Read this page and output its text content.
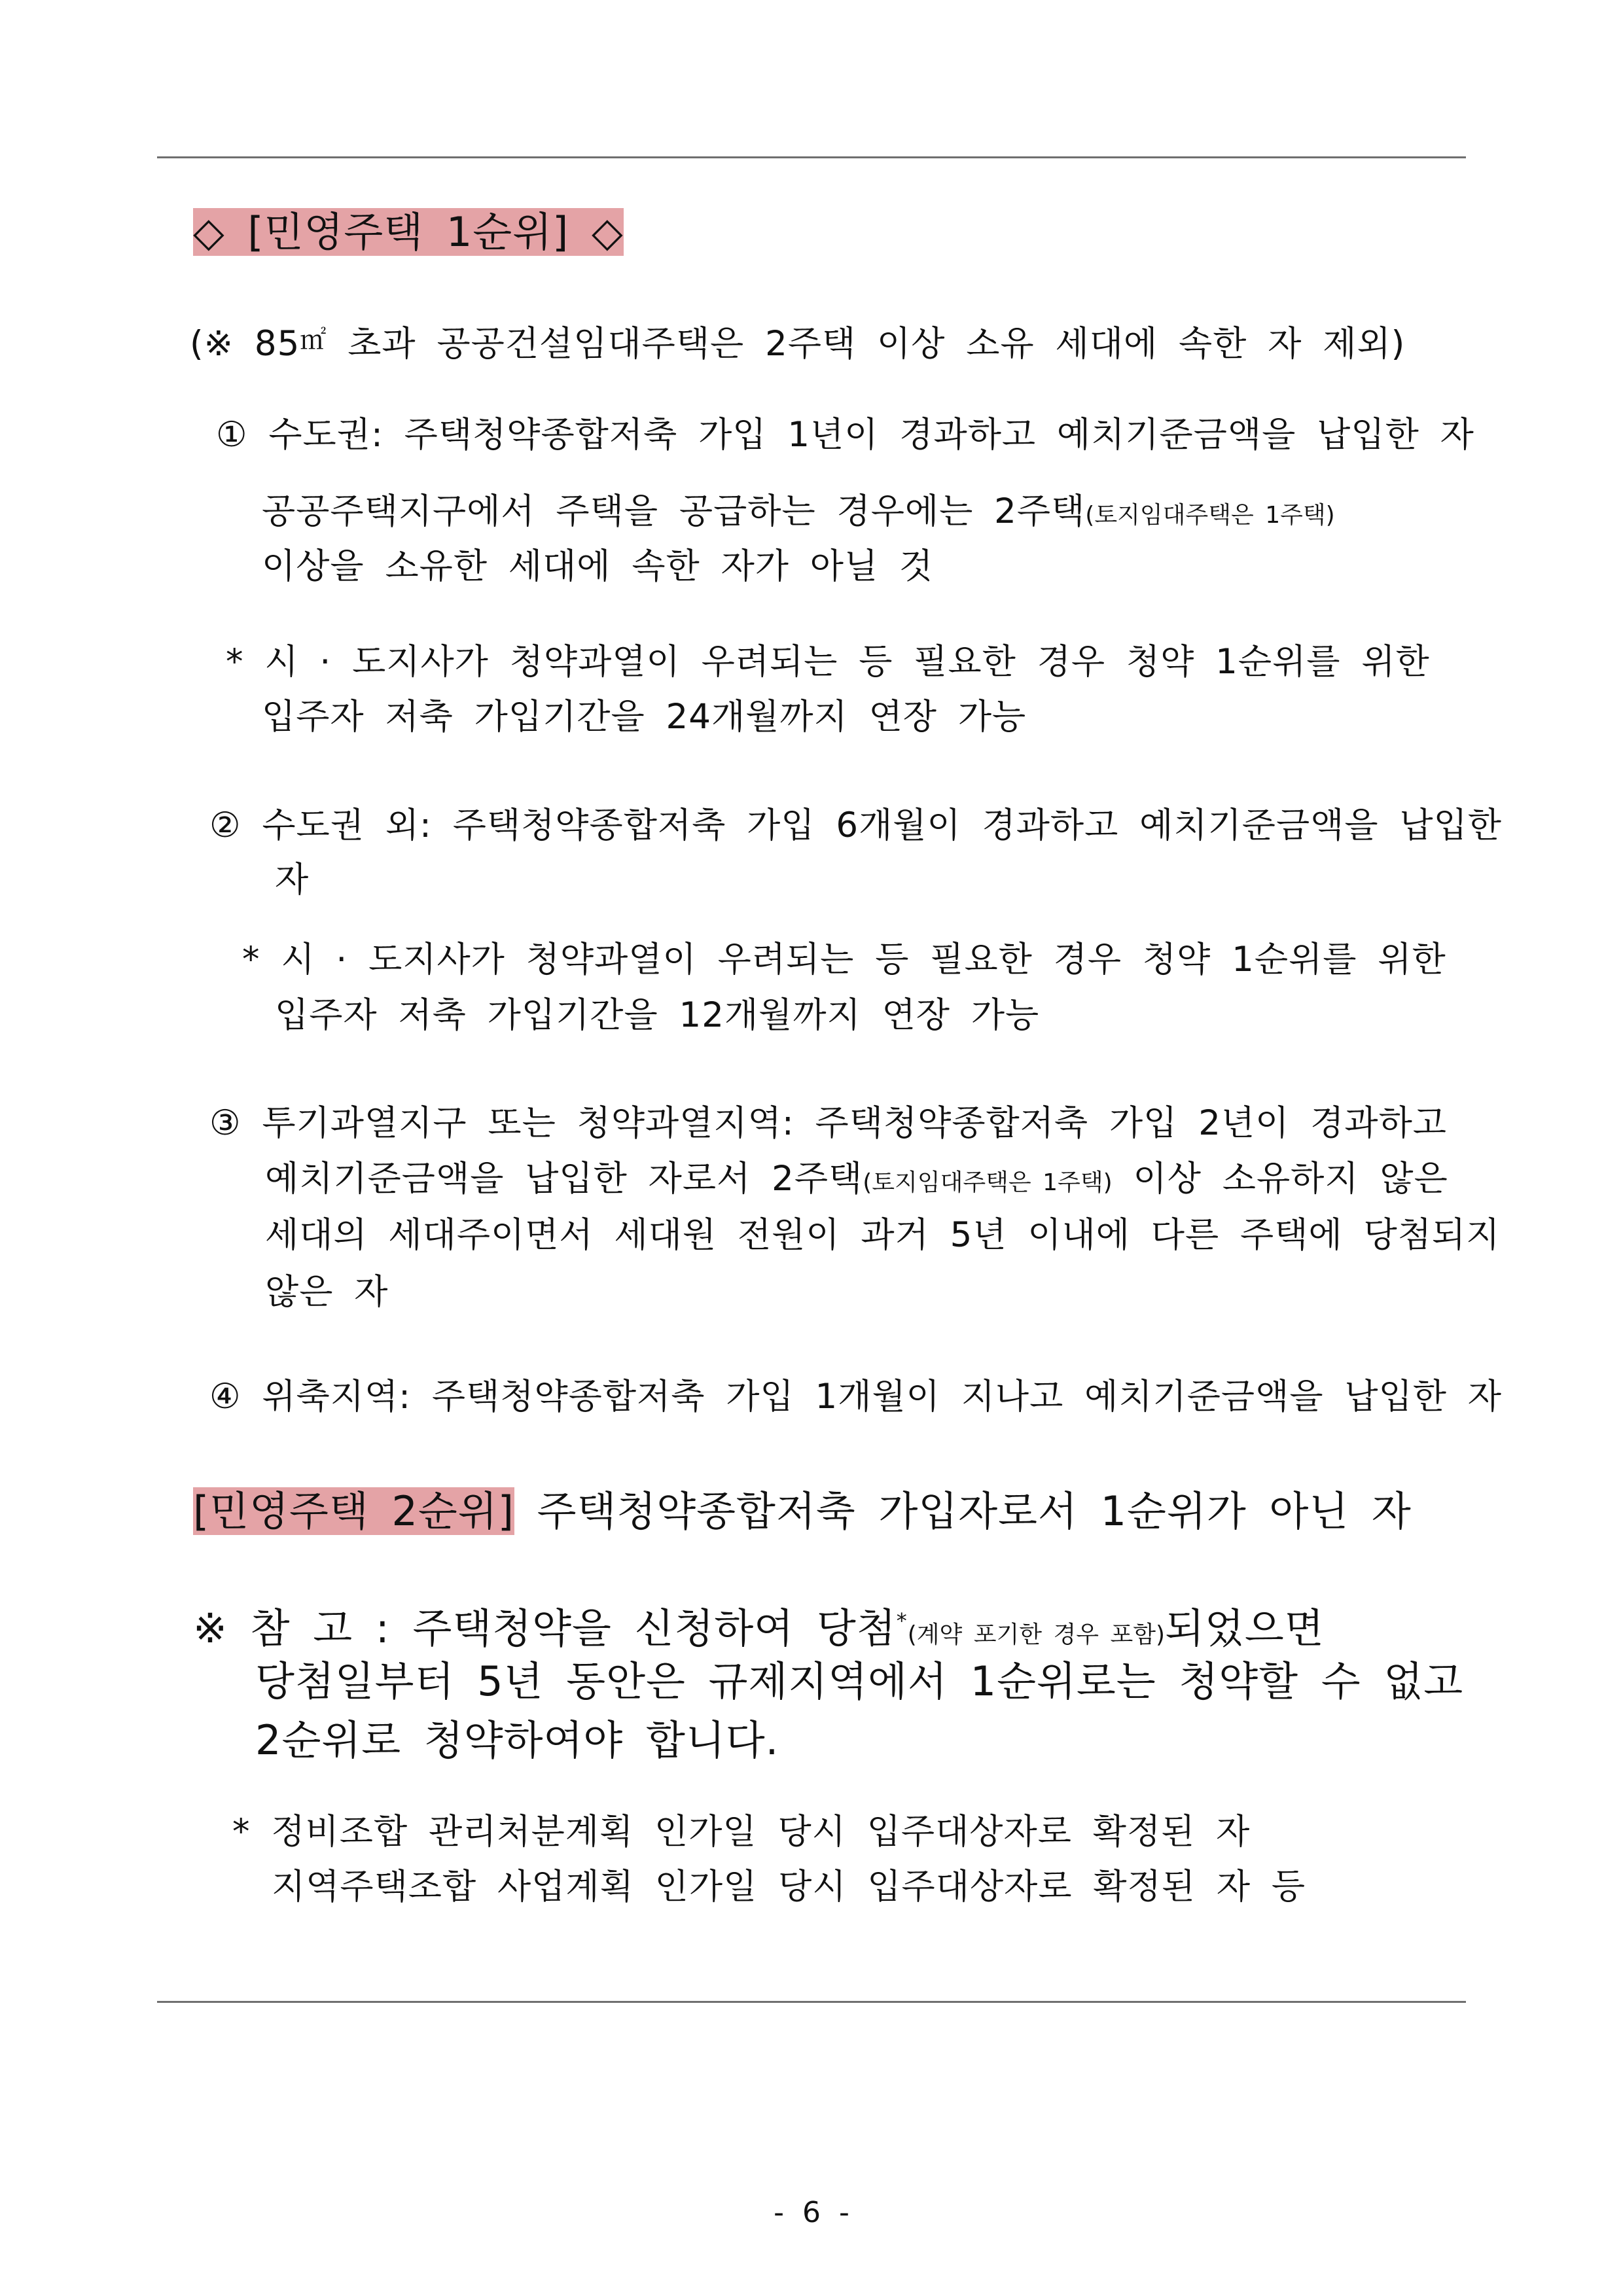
◇ [민영주택 1순위] ◇
(※ 85㎡ 초과 공공건설임대주택은 2주택 이상 소유 세대에 속한 자 제외)
① 수도권: 주택청약종합저축 가입 1년이 경과하고 예치기준금액을 납입한 자
공공주택지구에서 주택을 공급하는 경우에는 2주택(토지임대주택은 1주택)
이상을 소유한 세대에 속한 자가 아닐 것
* 시 · 도지사가 청약과열이 우려되는 등 필요한 경우 청약 1순위를 위한
입주자 저축 가입기간을 24개월까지 연장 가능
② 수도권 외: 주택청약종합저축 가입 6개월이 경과하고 예치기준금액을 납입한
자
* 시 · 도지사가 청약과열이 우려되는 등 필요한 경우 청약 1순위를 위한
입주자 저축 가입기간을 12개월까지 연장 가능
③ 투기과열지구 또는 청약과열지역: 주택청약종합저축 가입 2년이 경과하고
예치기준금액을 납입한 자로서 2주택(토지임대주택은 1주택) 이상 소유하지 않은
세대의 세대주이면서 세대원 전원이 과거 5년 이내에 다른 주택에 당첨되지
않은 자
④ 위축지역: 주택청약종합저축 가입 1개월이 지나고 예치기준금액을 납입한 자
[민영주택 2순위] 주택청약종합저축 가입자로서 1순위가 아닌 자
※ 참 고 : 주택청약을 신청하여 당첨*(계약 포기한 경우 포함)되었으면
당첨일부터 5년 동안은 규제지역에서 1순위로는 청약할 수 없고
2순위로 청약하여야 합니다.
* 정비조합 관리처분계획 인가일 당시 입주대상자로 확정된 자
지역주택조합 사업계획 인가일 당시 입주대상자로 확정된 자 등
- 6 -
